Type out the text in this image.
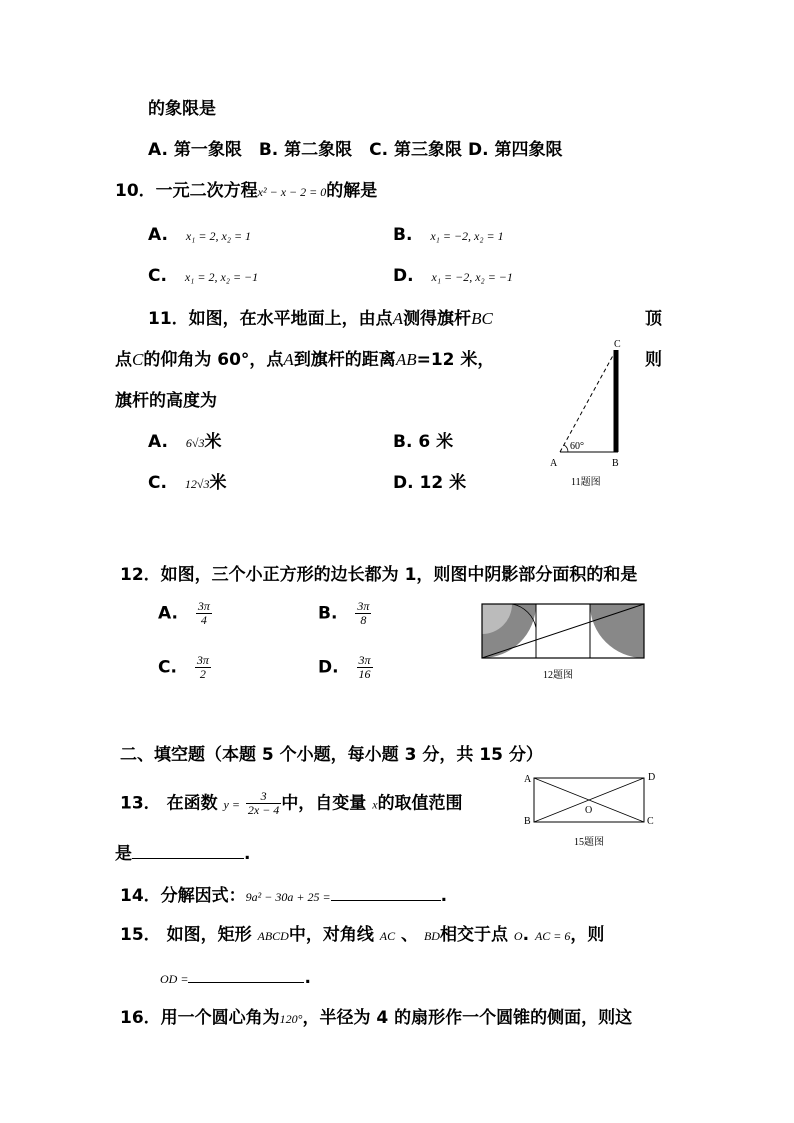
的象限是
A. 第一象限　B. 第二象限　C. 第三象限 D. 第四象限
10．一元二次方程x² − x − 2 = 0的解是
A. x₁ = 2, x₂ = 1	B. x₁ = −2, x₂ = 1
C. x₁ = 2, x₂ = −1	D. x₁ = −2, x₂ = −1
11．如图，在水平地面上，由点A测得旗杆BC	顶
点C的仰角为 60°，点A到旗杆的距离AB=12 米，	则
旗杆的高度为
A. 6√3米	B. 6 米
C. 12√3米	D. 12 米
C
A	B
60°
11题图
12．如图，三个小正方形的边长都为 1，则图中阴影部分面积的和是
A. $\frac{3\pi}{4}$	B. $\frac{3\pi}{8}$
C. $\frac{3\pi}{2}$	D. $\frac{3\pi}{16}$	12题图
二、填空题（本题 5 个小题，每小题 3 分，共 15 分）
13． 在函数 $y = \frac{3}{2x - 4}$ 中，自变量 x的取值范围
是	.
A	D
B	C
O
15题图
14．分解因式：9a² − 30a + 25 =	.
15． 如图，矩形 ABCD中，对角线 AC 、 BD相交于点 O. AC = 6，则
OD =	.
16．用一个圆心角为120°，半径为 4 的扇形作一个圆锥的侧面，则这
